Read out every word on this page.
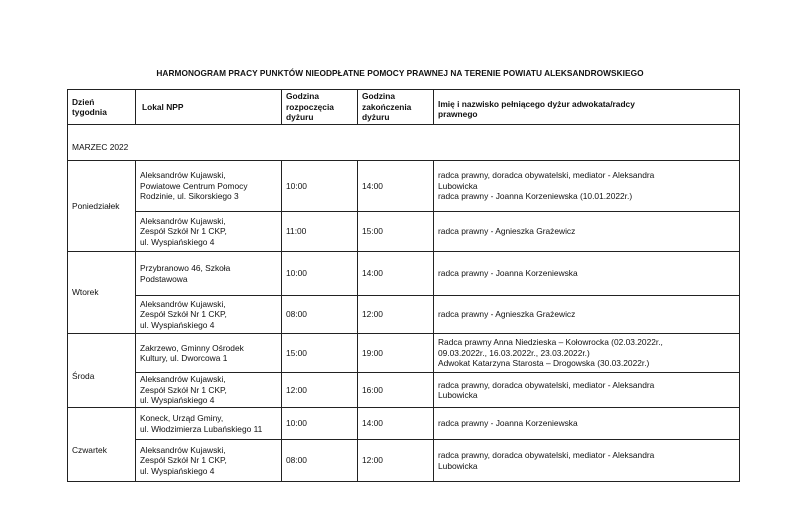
HARMONOGRAM PRACY PUNKTÓW NIEODPŁATNE POMOCY PRAWNEJ NA TERENIE POWIATU ALEKSANDROWSKIEGO
Dzień
tygodnia	Lokal NPP	Godzina
rozpoczęcia
dyżuru	Godzina
zakończenia
dyżuru	Imię i nazwisko pełniącego dyżur adwokata/radcy
prawnego

MARZEC 2022				
Poniedziałek	Aleksandrów Kujawski,
Powiatowe Centrum Pomocy
Rodzinie, ul. Sikorskiego 3	10:00	14:00	radca prawny, doradca obywatelski, mediator - Aleksandra
Lubowicka
radca prawny - Joanna Korzeniewska (10.01.2022r.)

	Aleksandrów Kujawski,
Zespół Szkół Nr 1 CKP,
ul. Wyspiańskiego 4	11:00	15:00	radca prawny - Agnieszka Grażewicz

Wtorek	Przybranowo 46, Szkoła
Podstawowa	10:00	14:00	radca prawny - Joanna Korzeniewska

	Aleksandrów Kujawski,
Zespół Szkół Nr 1 CKP,
ul. Wyspiańskiego 4	08:00	12:00	radca prawny - Agnieszka Grażewicz

Środa	Zakrzewo, Gminny Ośrodek
Kultury, ul. Dworcowa 1	15:00	19:00	Radca prawny Anna Niedzieska – Kołowrocka (02.03.2022r.,
09.03.2022r., 16.03.2022r., 23.03.2022r.)
Adwokat Katarzyna Starosta – Drogowska (30.03.2022r.)

	Aleksandrów Kujawski,
Zespół Szkół Nr 1 CKP,
ul. Wyspiańskiego 4	12:00	16:00	radca prawny, doradca obywatelski, mediator - Aleksandra
Lubowicka

Czwartek	Koneck, Urząd Gminy,
ul. Włodzimierza Lubańskiego 11	10:00	14:00	radca prawny - Joanna Korzeniewska

	Aleksandrów Kujawski,
Zespół Szkół Nr 1 CKP,
ul. Wyspiańskiego 4	08:00	12:00	radca prawny, doradca obywatelski, mediator - Aleksandra
Lubowicka
